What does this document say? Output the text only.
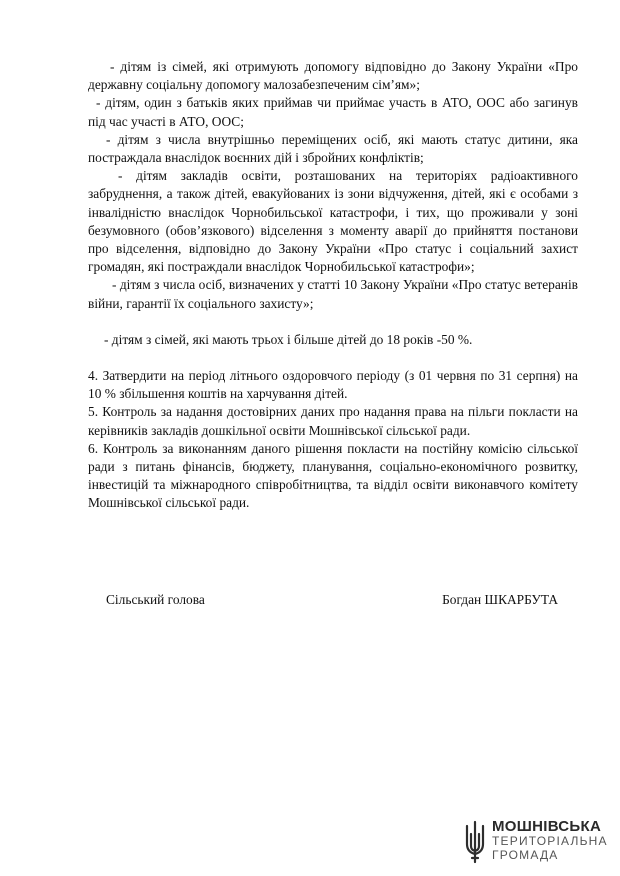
- дітям із сімей, які отримують допомогу відповідно до Закону України «Про державну соціальну допомогу малозабезпеченим сім’ям»;

- дітям, один з батьків яких приймав чи приймає участь в АТО, ООС або загинув під час участі в АТО, ООС;

- дітям з числа внутрішньо переміщених осіб, які мають статус дитини, яка постраждала внаслідок воєнних дій і збройних конфліктів;

- дітям закладів освіти, розташованих на територіях радіоактивного забруднення, а також дітей, евакуйованих із зони відчуження, дітей, які є особами з інвалідністю внаслідок Чорнобильської катастрофи, і тих, що проживали у зоні безумовного (обов’язкового) відселення з моменту аварії до прийняття постанови про відселення, відповідно до Закону України «Про статус і соціальний захист громадян, які постраждали внаслідок Чорнобильської катастрофи»;

- дітям з числа осіб, визначених у статті 10 Закону України «Про статус ветеранів війни, гарантії їх соціального захисту»;

- дітям з сімей, які мають трьох і більше дітей до 18 років -50 %.

4. Затвердити на період літнього оздоровчого періоду (з 01 червня по 31 серпня) на 10 % збільшення коштів на харчування дітей.

5. Контроль за надання достовірних даних про надання права на пільги покласти на керівників закладів дошкільної освіти Мошнівської сільської ради.

6. Контроль за виконанням даного рішення покласти на постійну комісію сільської ради з питань фінансів, бюджету, планування, соціально-економічного розвитку, інвестицій та міжнародного співробітництва, та відділ освіти виконавчого комітету Мошнівської сільської ради.

Сільський голова	Богдан ШКАРБУТА
МОШНІВСЬКА
ТЕРИТОРІАЛЬНА
ГРОМАДА
